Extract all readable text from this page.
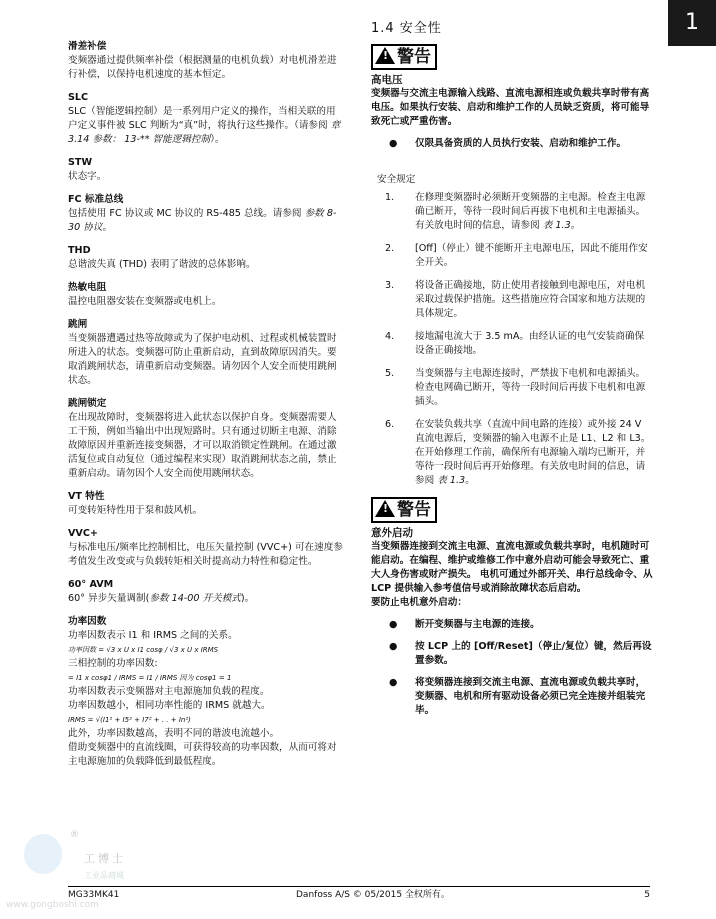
1

滑差补偿

变频器通过提供频率补偿（根据测量的电机负载）对电机滑差进行补偿，以保持电机速度的基本恒定。

SLC

SLC（智能逻辑控制）是一系列用户定义的操作，当相关联的用户定义事件被 SLC 判断为“真”时，将执行这些操作。（请参阅 章 3.14 参数： 13-** 智能逻辑控制）。

STW

状态字。

FC 标准总线

包括使用 FC 协议或 MC 协议的 RS-485 总线。请参阅 参数 8-30 协议。

THD

总谐波失真 (THD) 表明了谐波的总体影响。

热敏电阻

温控电阻器安装在变频器或电机上。

跳闸

当变频器遭遇过热等故障或为了保护电动机、过程或机械装置时所进入的状态。变频器可防止重新启动，直到故障原因消失。要取消跳闸状态，请重新启动变频器。请勿因个人安全而使用跳闸状态。

跳闸锁定

在出现故障时，变频器将进入此状态以保护自身。变频器需要人工干预，例如当输出中出现短路时。只有通过切断主电源、消除故障原因并重新连接变频器，才可以取消锁定性跳闸。在通过激活复位或自动复位（通过编程来实现）取消跳闸状态之前，禁止重新启动。请勿因个人安全而使用跳闸状态。

VT 特性

可变转矩特性用于泵和鼓风机。

VVC+

与标准电压/频率比控制相比，电压矢量控制 (VVC+) 可在速度参考值发生改变或与负载转矩相关时提高动力特性和稳定性。

60° AVM

60° 异步矢量调制(参数 14-00 开关模式)。

功率因数

功率因数表示 I1 和 IRMS 之间的关系。

功率因数 = √3 x U x I1 cosφ / √3 x U x IRMS

三相控制的功率因数:

= I1 x cosφ1 / IRMS = I1 / IRMS 因为 cosφ1 = 1

功率因数表示变频器对主电源施加负载的程度。

功率因数越小，相同功率性能的 IRMS 就越大。

IRMS = √(I1² + I5² + I7² + . . + In²)

此外，功率因数越高，表明不同的谐波电流越小。

借助变频器中的直流线圈，可获得较高的功率因数，从而可将对主电源施加的负载降低到最低程度。

1.4 安全性

! 警告

高电压

变频器与交流主电源输入线路、直流电源相连或负载共享时带有高电压。如果执行安装、启动和维护工作的人员缺乏资质，将可能导致死亡或严重伤害。

● 仅限具备资质的人员执行安装、启动和维护工作。

安全规定

1. 在修理变频器时必须断开变频器的主电源。检查主电源确已断开，等待一段时间后再拔下电机和主电源插头。有关放电时间的信息，请参阅 表 1.3。
2. [Off]（停止）键不能断开主电源电压，因此不能用作安全开关。
3. 将设备正确接地，防止使用者接触到电源电压，对电机采取过载保护措施。这些措施应符合国家和地方法规的具体规定。
4. 接地漏电流大于 3.5 mA。由经认证的电气安装商确保设备正确接地。
5. 当变频器与主电源连接时，严禁拔下电机和电源插头。检查电网确已断开，等待一段时间后再拔下电机和电源插头。
6. 在安装负载共享（直流中间电路的连接）或外接 24 V 直流电源后，变频器的输入电源不止是 L1、L2 和 L3。在开始修理工作前，确保所有电源输入端均已断开，并等待一段时间后再开始修理。有关放电时间的信息，请参阅 表 1.3。
! 警告

意外启动

当变频器连接到交流主电源、直流电源或负载共享时，电机随时可能启动。在编程、维护或维修工作中意外启动可能会导致死亡、重大人身伤害或财产损失。 电机可通过外部开关、串行总线命令、从 LCP 提供输入参考值信号或消除故障状态后启动。

要防止电机意外启动：

● 断开变频器与主电源的连接。
● 按 LCP 上的 [Off/Reset]（停止/复位）键，然后再设置参数。
● 将变频器连接到交流主电源、直流电源或负载共享时，变频器、电机和所有驱动设备必须已完全连接并组装完毕。
®
工博士
工业品商城
www.gongboshi.com
MG33MK41	Danfoss A/S © 05/2015 全权所有。	5
